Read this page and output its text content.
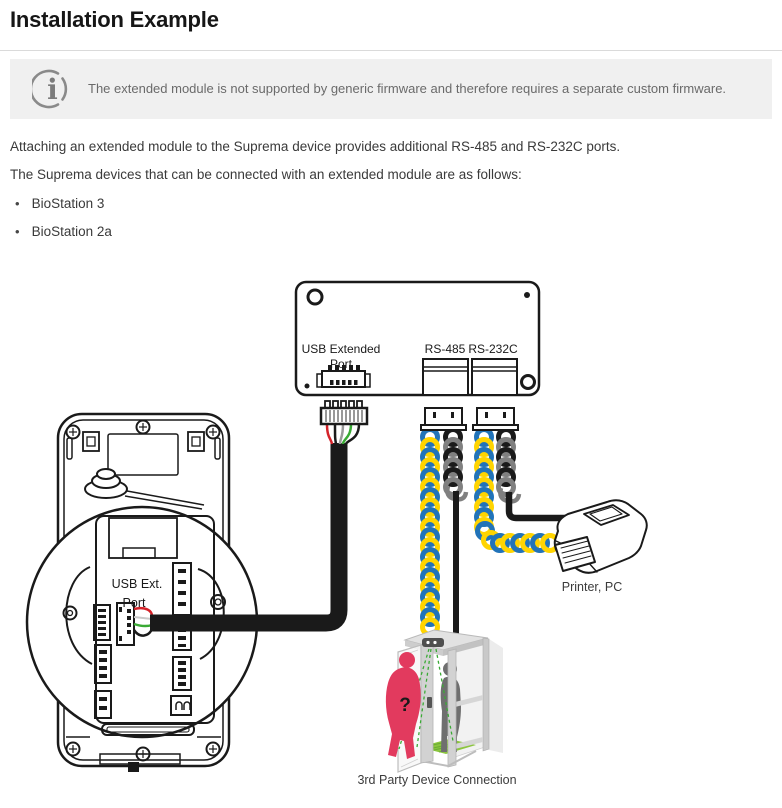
Installation Example
i The extended module is not supported by generic firmware and therefore requires a separate custom firmware.

Attaching an extended module to the Suprema device provides additional RS-485 and RS-232C ports.

The Suprema devices that can be connected with an extended module are as follows:

• BioStation 3
• BioStation 2a
USB Extended
Port
RS-485 RS-232C
Printer, PC
?
3rd Party Device Connection
USB Ext.
Port
